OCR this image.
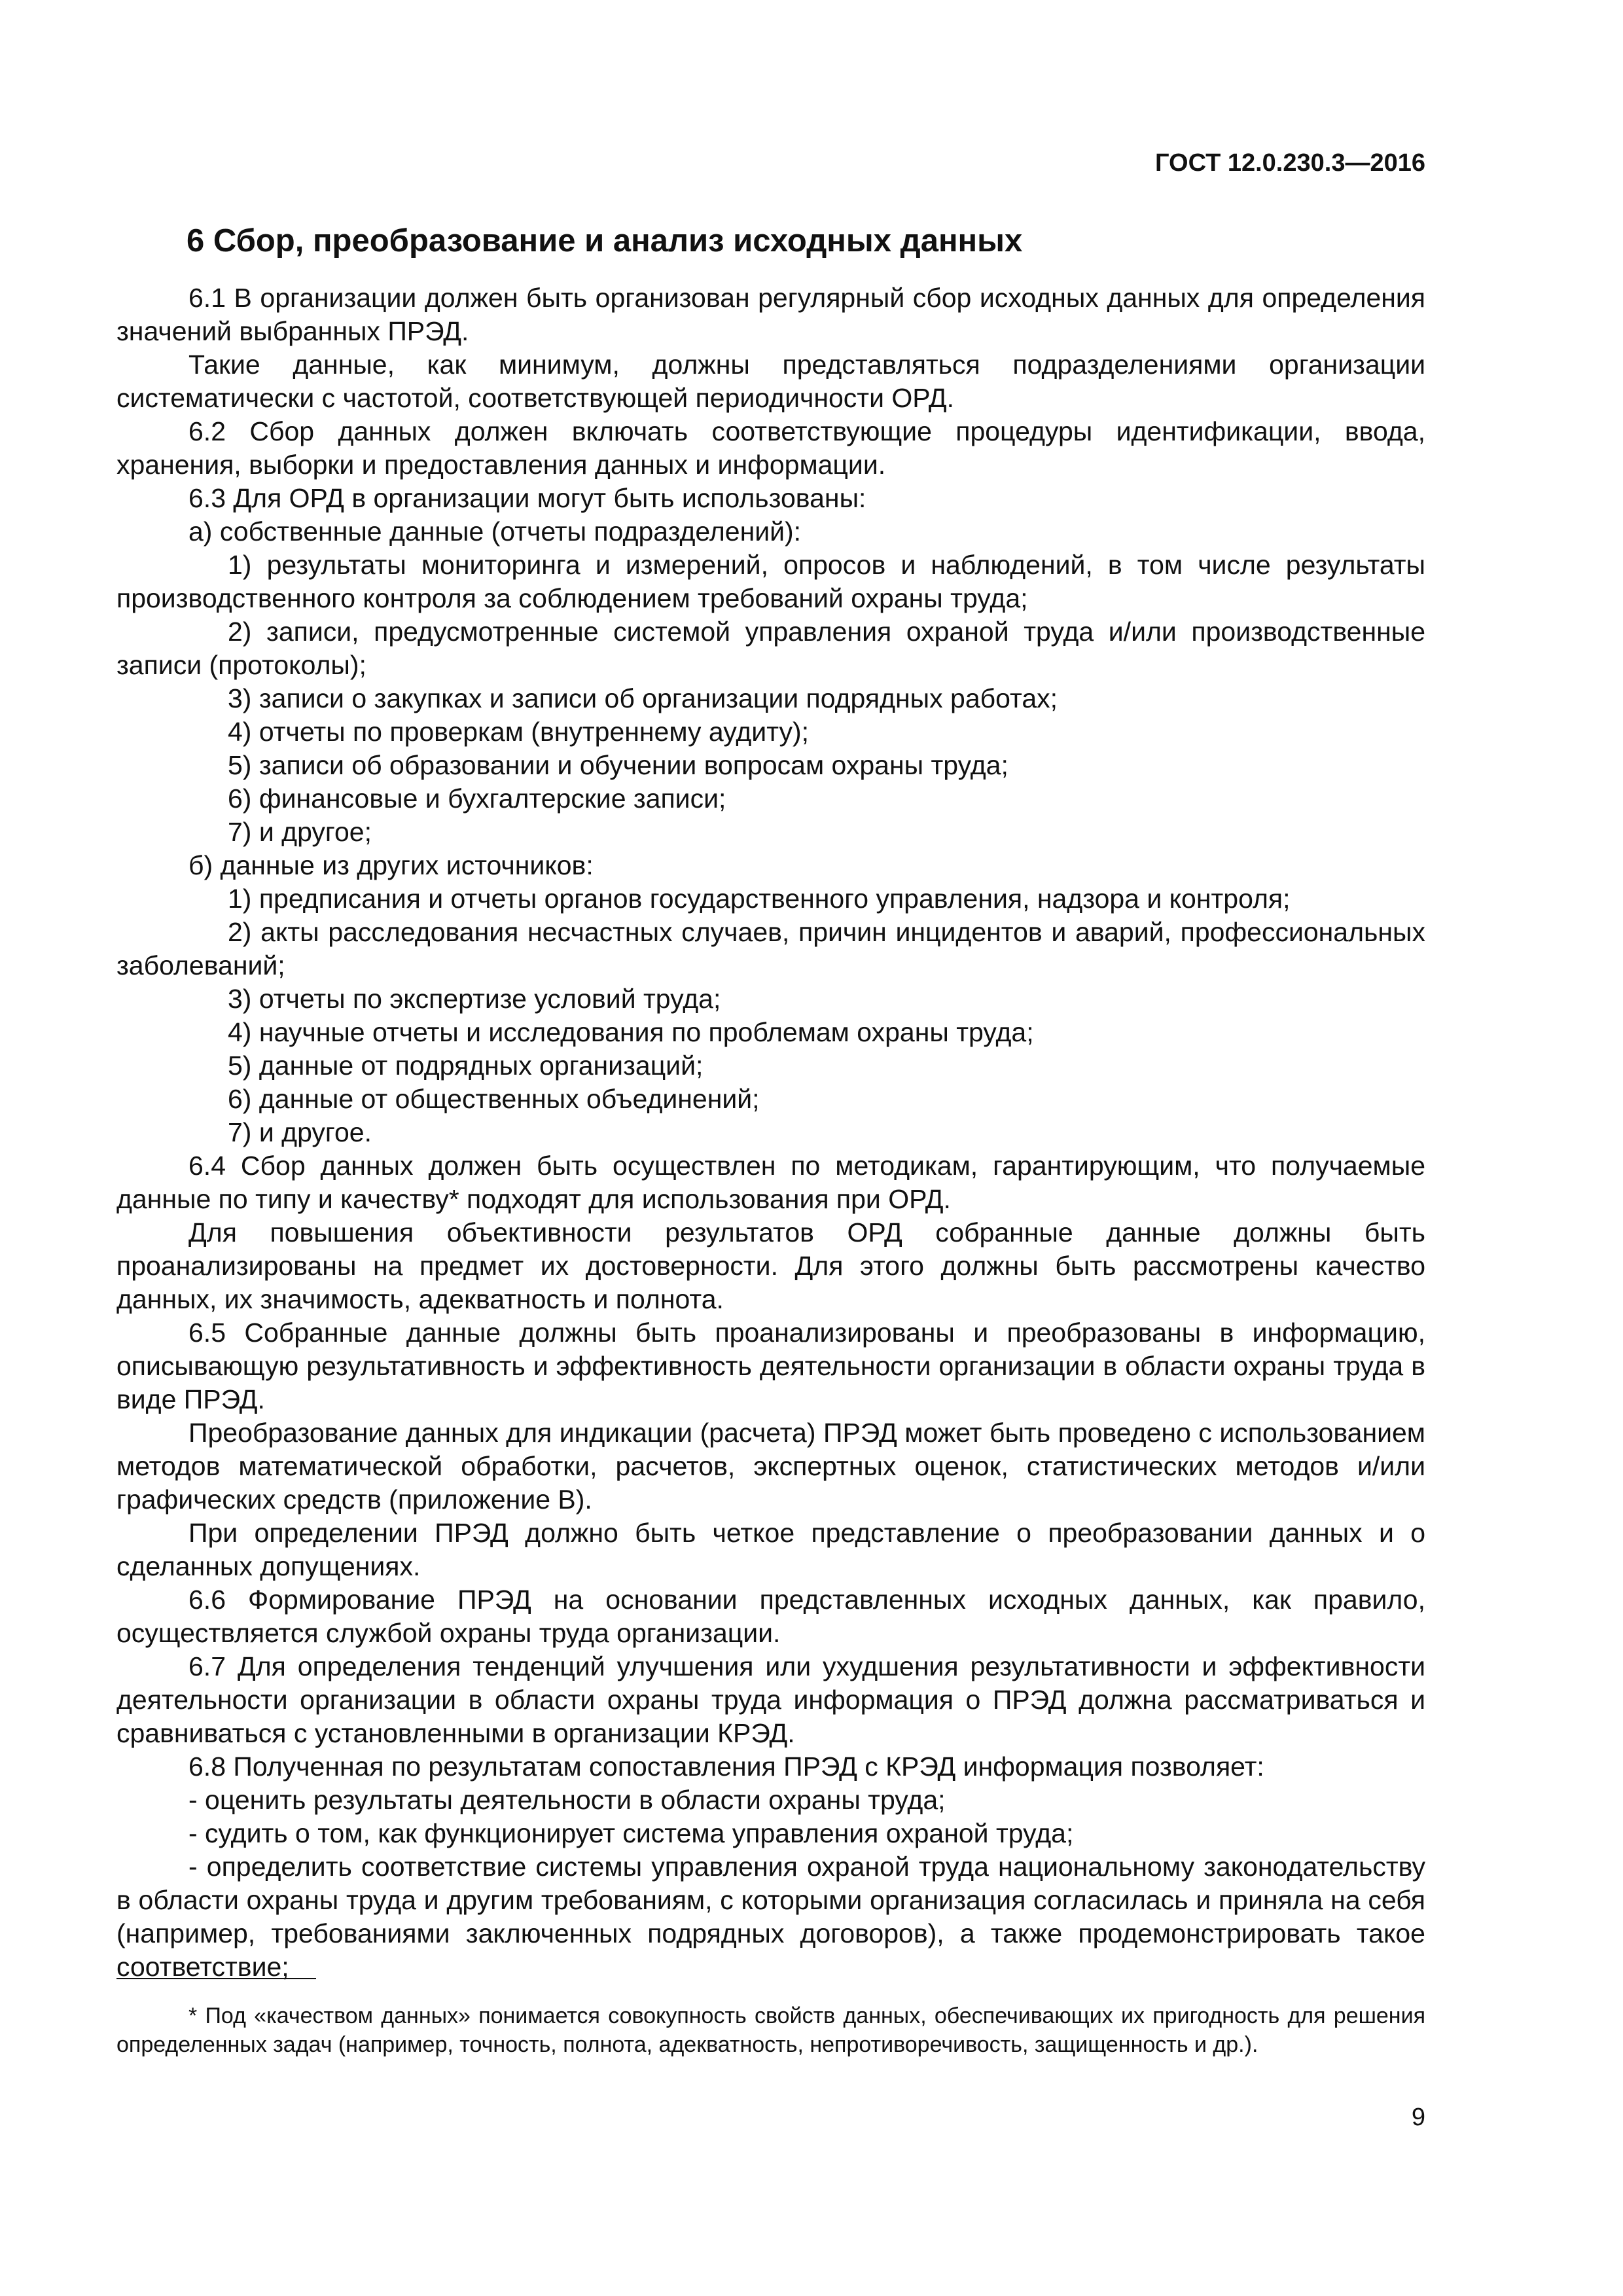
ГОСТ 12.0.230.3—2016

6 Сбор, преобразование и анализ исходных данных

6.1 В организации должен быть организован регулярный сбор исходных данных для определения значений выбранных ПРЭД.

Такие данные, как минимум, должны представляться подразделениями организации систематически с частотой, соответствующей периодичности ОРД.

6.2 Сбор данных должен включать соответствующие процедуры идентификации, ввода, хранения, выборки и предоставления данных и информации.

6.3 Для ОРД в организации могут быть использованы:

а) собственные данные (отчеты подразделений):

1) результаты мониторинга и измерений, опросов и наблюдений, в том числе результаты производственного контроля за соблюдением требований охраны труда;

2) записи, предусмотренные системой управления охраной труда и/или производственные записи (протоколы);

3) записи о закупках и записи об организации подрядных работах;

4) отчеты по проверкам (внутреннему аудиту);

5) записи об образовании и обучении вопросам охраны труда;

6) финансовые и бухгалтерские записи;

7) и другое;

б) данные из других источников:

1) предписания и отчеты органов государственного управления, надзора и контроля;

2) акты расследования несчастных случаев, причин инцидентов и аварий, профессиональных заболеваний;

3) отчеты по экспертизе условий труда;

4) научные отчеты и исследования по проблемам охраны труда;

5) данные от подрядных организаций;

6) данные от общественных объединений;

7) и другое.

6.4 Сбор данных должен быть осуществлен по методикам, гарантирующим, что получаемые данные по типу и качеству* подходят для использования при ОРД.

Для повышения объективности результатов ОРД собранные данные должны быть проанализированы на предмет их достоверности. Для этого должны быть рассмотрены качество данных, их значимость, адекватность и полнота.

6.5 Собранные данные должны быть проанализированы и преобразованы в информацию, описывающую результативность и эффективность деятельности организации в области охраны труда в виде ПРЭД.

Преобразование данных для индикации (расчета) ПРЭД может быть проведено с использованием методов математической обработки, расчетов, экспертных оценок, статистических методов и/или графических средств (приложение В).

При определении ПРЭД должно быть четкое представление о преобразовании данных и о сделанных допущениях.

6.6 Формирование ПРЭД на основании представленных исходных данных, как правило, осуществляется службой охраны труда организации.

6.7 Для определения тенденций улучшения или ухудшения результативности и эффективности деятельности организации в области охраны труда информация о ПРЭД должна рассматриваться и сравниваться с установленными в организации КРЭД.

6.8 Полученная по результатам сопоставления ПРЭД с КРЭД информация позволяет:

- оценить результаты деятельности в области охраны труда;

- судить о том, как функционирует система управления охраной труда;

- определить соответствие системы управления охраной труда национальному законодательству в области охраны труда и другим требованиям, с которыми организация согласилась и приняла на себя (например, требованиями заключенных подрядных договоров), а также продемонстрировать такое соответствие;

* Под «качеством данных» понимается совокупность свойств данных, обеспечивающих их пригодность для решения определенных задач (например, точность, полнота, адекватность, непротиворечивость, защищенность и др.).

9
